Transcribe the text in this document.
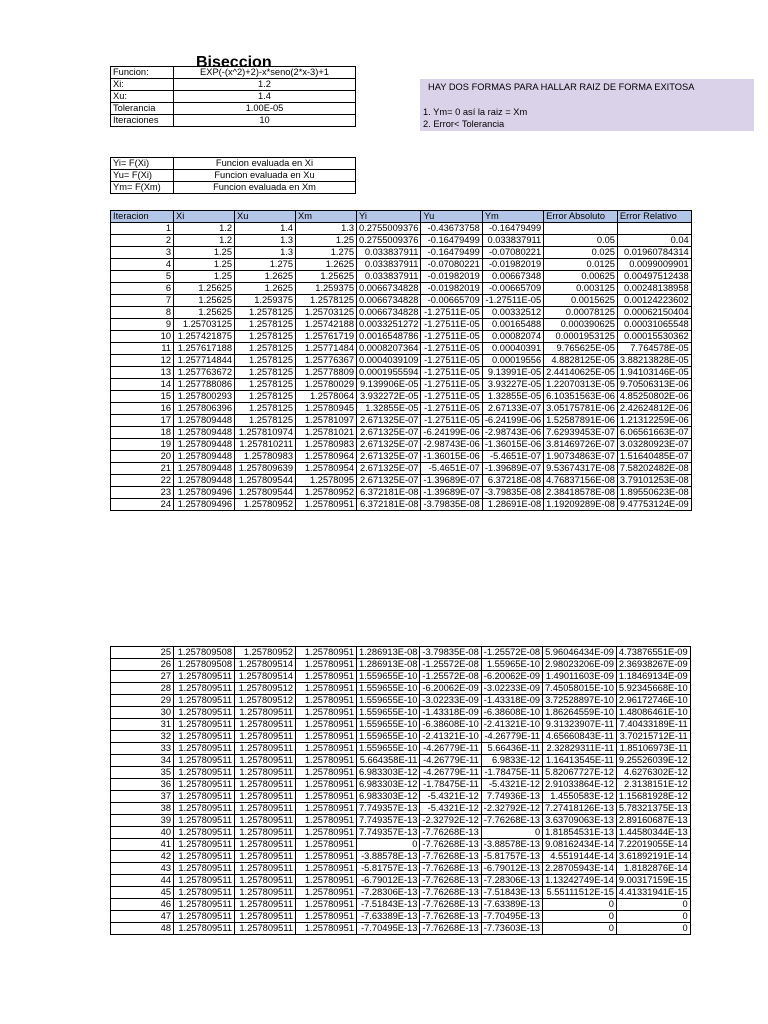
Biseccion
Funcion:	EXP(-(x^2)+2)-x*seno(2*x-3)+1
Xi:	1.2
Xu:	1.4
Tolerancia	1.00E-05
Iteraciones	10
HAY DOS FORMAS PARA HALLAR RAIZ DE FORMA EXITOSA
1. Ym= 0 así la raiz = Xm
2. Error< Tolerancia
Yi= F(Xi)	Funcion evaluada en Xi
Yu= F(Xi)	Funcion evaluada en Xu
Ym= F(Xm)	Funcion evaluada en Xm
Iteracion	Xi	Xu	Xm	Yi	Yu	Ym	Error Absoluto	Error Relativo
1	1.2	1.4	1.3	0.2755009376	-0.43673758	-0.16479499		
2	1.2	1.3	1.25	0.2755009376	-0.16479499	0.033837911	0.05	0.04
3	1.25	1.3	1.275	0.033837911	-0.16479499	-0.07080221	0.025	0.01960784314
4	1.25	1.275	1.2625	0.033837911	-0.07080221	-0.01982019	0.0125	0.0099009901
5	1.25	1.2625	1.25625	0.033837911	-0.01982019	0.00667348	0.00625	0.00497512438
6	1.25625	1.2625	1.259375	0.0066734828	-0.01982019	-0.00665709	0.003125	0.00248138958
7	1.25625	1.259375	1.2578125	0.0066734828	-0.00665709	-1.27511E-05	0.0015625	0.00124223602
8	1.25625	1.2578125	1.25703125	0.0066734828	-1.27511E-05	0.00332512	0.00078125	0.00062150404
9	1.25703125	1.2578125	1.25742188	0.0033251272	-1.27511E-05	0.00165488	0.000390625	0.00031065548
10	1.257421875	1.2578125	1.25761719	0.0016548786	-1.27511E-05	0.00082074	0.0001953125	0.00015530362
11	1.257617188	1.2578125	1.25771484	0.0008207364	-1.27511E-05	0.00040391	9.765625E-05	7.764578E-05
12	1.257714844	1.2578125	1.25776367	0.0004039109	-1.27511E-05	0.00019556	4.8828125E-05	3.88213828E-05
13	1.257763672	1.2578125	1.25778809	0.0001955594	-1.27511E-05	9.13991E-05	2.44140625E-05	1.94103146E-05
14	1.257788086	1.2578125	1.25780029	9.139906E-05	-1.27511E-05	3.93227E-05	1.22070313E-05	9.70506313E-06
15	1.257800293	1.2578125	1.2578064	3.932272E-05	-1.27511E-05	1.32855E-05	6.10351563E-06	4.85250802E-06
16	1.257806396	1.2578125	1.25780945	1.32855E-05	-1.27511E-05	2.67133E-07	3.05175781E-06	2.42624812E-06
17	1.257809448	1.2578125	1.25781097	2.671325E-07	-1.27511E-05	-6.24199E-06	1.52587891E-06	1.21312259E-06
18	1.257809448	1.257810974	1.25781021	2.671325E-07	-6.24199E-06	-2.98743E-06	7.62939453E-07	6.06561663E-07
19	1.257809448	1.257810211	1.25780983	2.671325E-07	-2.98743E-06	-1.36015E-06	3.81469726E-07	3.03280923E-07
20	1.257809448	1.25780983	1.25780964	2.671325E-07	-1.36015E-06	-5.4651E-07	1.90734863E-07	1.51640485E-07
21	1.257809448	1.257809639	1.25780954	2.671325E-07	-5.4651E-07	-1.39689E-07	9.53674317E-08	7.58202482E-08
22	1.257809448	1.257809544	1.2578095	2.671325E-07	-1.39689E-07	6.37218E-08	4.76837156E-08	3.79101253E-08
23	1.257809496	1.257809544	1.25780952	6.372181E-08	-1.39689E-07	-3.79835E-08	2.38418578E-08	1.89550623E-08
24	1.257809496	1.25780952	1.25780951	6.372181E-08	-3.79835E-08	1.28691E-08	1.19209289E-08	9.47753124E-09
25	1.257809508	1.25780952	1.25780951	1.286913E-08	-3.79835E-08	-1.25572E-08	5.96046434E-09	4.73876551E-09
26	1.257809508	1.257809514	1.25780951	1.286913E-08	-1.25572E-08	1.55965E-10	2.98023206E-09	2.36938267E-09
27	1.257809511	1.257809514	1.25780951	1.559655E-10	-1.25572E-08	-6.20062E-09	1.49011603E-09	1.18469134E-09
28	1.257809511	1.257809512	1.25780951	1.559655E-10	-6.20062E-09	-3.02233E-09	7.45058015E-10	5.92345668E-10
29	1.257809511	1.257809512	1.25780951	1.559655E-10	-3.02233E-09	-1.43318E-09	3.72528897E-10	2.96172746E-10
30	1.257809511	1.257809511	1.25780951	1.559655E-10	-1.43318E-09	-6.38608E-10	1.86264559E-10	1.48086461E-10
31	1.257809511	1.257809511	1.25780951	1.559655E-10	-6.38608E-10	-2.41321E-10	9.31323907E-11	7.40433189E-11
32	1.257809511	1.257809511	1.25780951	1.559655E-10	-2.41321E-10	-4.26779E-11	4.65660843E-11	3.70215712E-11
33	1.257809511	1.257809511	1.25780951	1.559655E-10	-4.26779E-11	5.66436E-11	2.32829311E-11	1.85106973E-11
34	1.257809511	1.257809511	1.25780951	5.664358E-11	-4.26779E-11	6.9833E-12	1.16413545E-11	9.25526039E-12
35	1.257809511	1.257809511	1.25780951	6.983303E-12	-4.26779E-11	-1.78475E-11	5.82067727E-12	4.6276302E-12
36	1.257809511	1.257809511	1.25780951	6.983303E-12	-1.78475E-11	-5.4321E-12	2.91033864E-12	2.3138151E-12
37	1.257809511	1.257809511	1.25780951	6.983303E-12	-5.4321E-12	7.74936E-13	1.4550583E-12	1.15681928E-12
38	1.257809511	1.257809511	1.25780951	7.749357E-13	-5.4321E-12	-2.32792E-12	7.27418126E-13	5.78321375E-13
39	1.257809511	1.257809511	1.25780951	7.749357E-13	-2.32792E-12	-7.76268E-13	3.63709063E-13	2.89160687E-13
40	1.257809511	1.257809511	1.25780951	7.749357E-13	-7.76268E-13	0	1.81854531E-13	1.44580344E-13
41	1.257809511	1.257809511	1.25780951	0	-7.76268E-13	-3.88578E-13	9.08162434E-14	7.22019055E-14
42	1.257809511	1.257809511	1.25780951	-3.88578E-13	-7.76268E-13	-5.81757E-13	4.5519144E-14	3.61892191E-14
43	1.257809511	1.257809511	1.25780951	-5.81757E-13	-7.76268E-13	-6.79012E-13	2.28705943E-14	1.8182876E-14
44	1.257809511	1.257809511	1.25780951	-6.79012E-13	-7.76268E-13	-7.28306E-13	1.13242749E-14	9.00317159E-15
45	1.257809511	1.257809511	1.25780951	-7.28306E-13	-7.76268E-13	-7.51843E-13	5.55111512E-15	4.41331941E-15
46	1.257809511	1.257809511	1.25780951	-7.51843E-13	-7.76268E-13	-7.63389E-13	0	0
47	1.257809511	1.257809511	1.25780951	-7.63389E-13	-7.76268E-13	-7.70495E-13	0	0
48	1.257809511	1.257809511	1.25780951	-7.70495E-13	-7.76268E-13	-7.73603E-13	0	0
